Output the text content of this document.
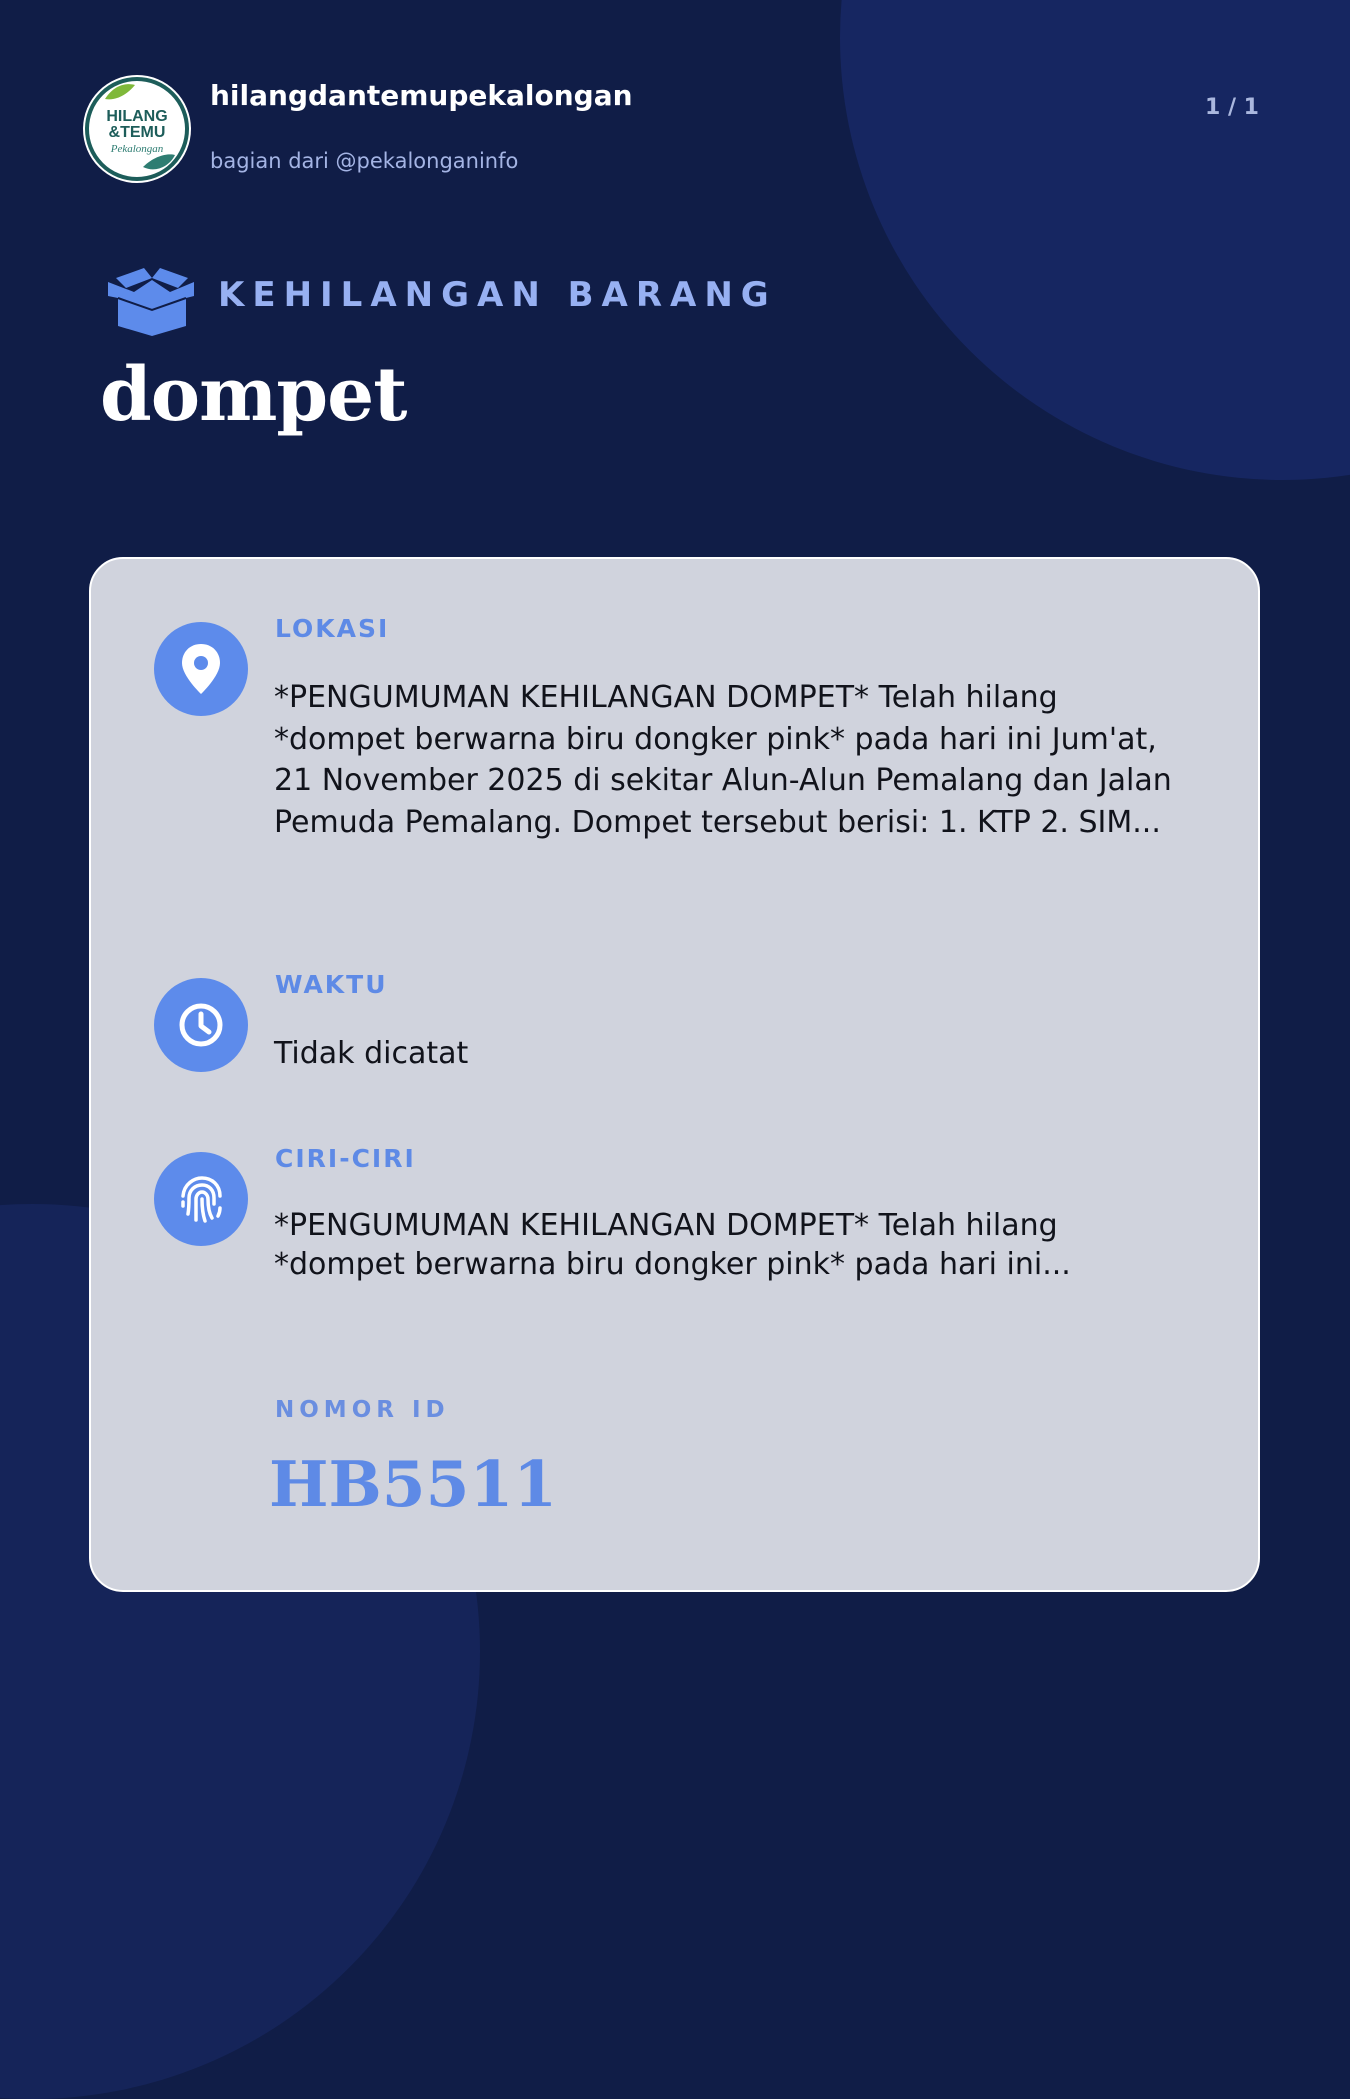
HILANG
&TEMU
Pekalongan
hilangdantemupekalongan
bagian dari @pekalonganinfo
1 / 1
KEHILANGAN BARANG
dompet
LOKASI
*PENGUMUMAN KEHILANGAN DOMPET* Telah hilang *dompet berwarna biru dongker pink* pada hari ini Jum'at, 21 November 2025 di sekitar Alun-Alun Pemalang dan Jalan Pemuda Pemalang. Dompet tersebut berisi: 1. KTP 2. SIM...
WAKTU
Tidak dicatat
CIRI-CIRI
*PENGUMUMAN KEHILANGAN DOMPET* Telah hilang *dompet berwarna biru dongker pink* pada hari ini...
NOMOR ID
HB5511
